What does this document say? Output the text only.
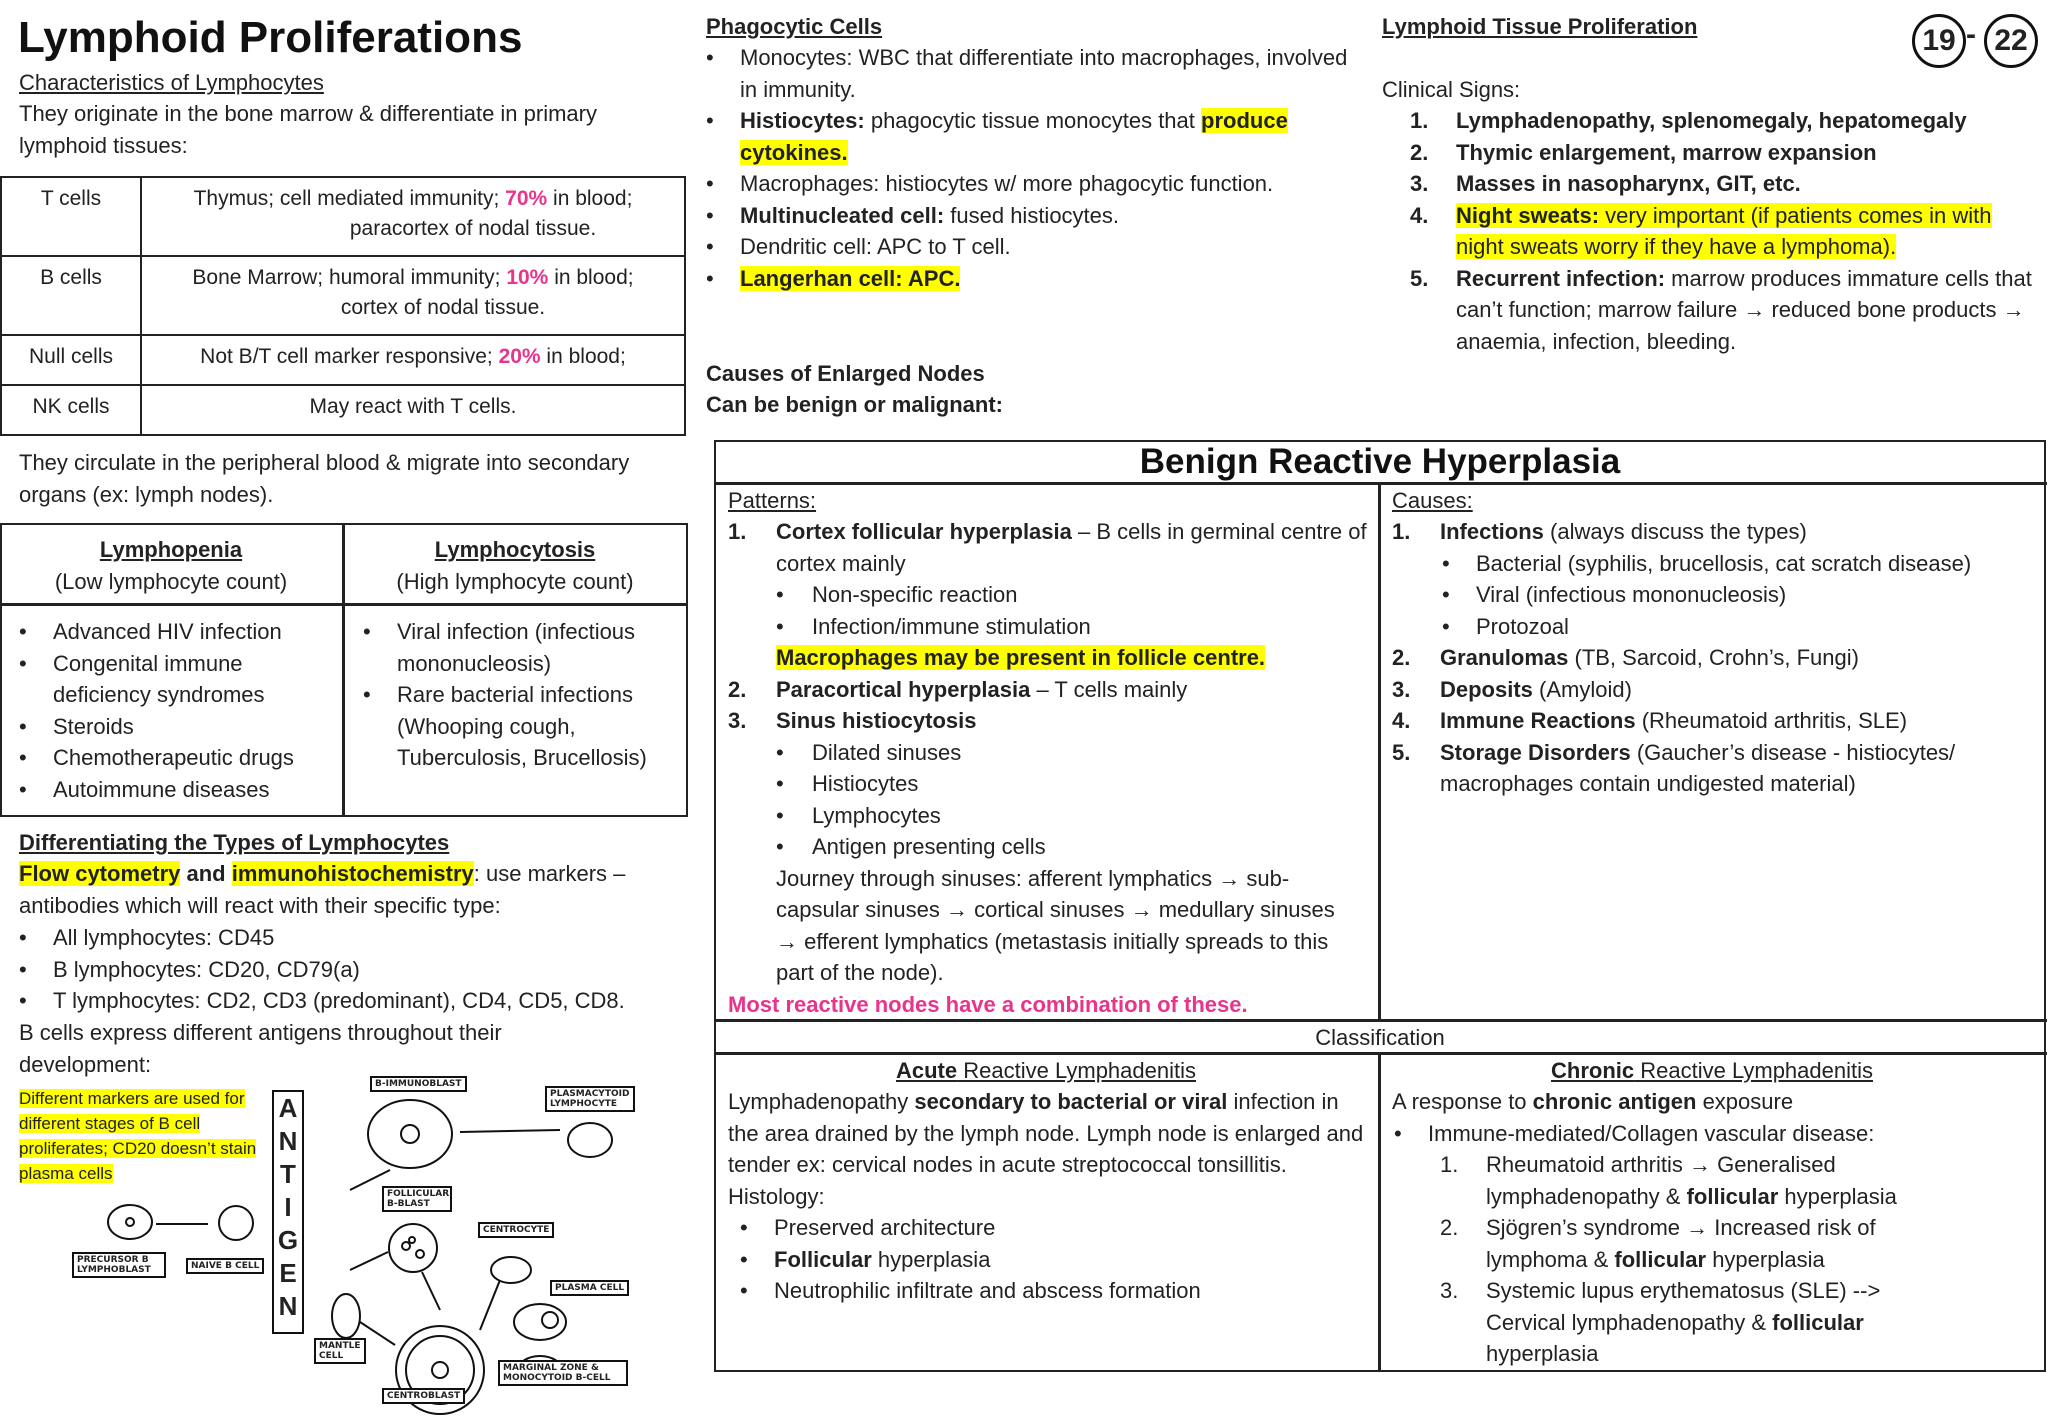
Lymphoid Proliferations
Characteristics of Lymphocytes
They originate in the bone marrow & differentiate in primary lymphoid tissues:
T cells	Thymus; cell mediated immunity; 70% in blood;
paracortex of nodal tissue.
B cells	Bone Marrow; humoral immunity; 10% in blood;
cortex of nodal tissue.
Null cells	Not B/T cell marker responsive; 20% in blood;
NK cells	May react with T cells.
They circulate in the peripheral blood & migrate into secondary organs (ex: lymph nodes).
Lymphopenia
(Low lymphocyte count)
Lymphocytosis
(High lymphocyte count)
• Advanced HIV infection
• Congenital immune deficiency syndromes
• Steroids
• Chemotherapeutic drugs
• Autoimmune diseases
• Viral infection (infectious mononucleosis)
• Rare bacterial infections (Whooping cough, Tuberculosis, Brucellosis)
Differentiating the Types of Lymphocytes
Flow cytometry and immunohistochemistry: use markers – antibodies which will react with their specific type:
• All lymphocytes: CD45
• B lymphocytes: CD20, CD79(a)
• T lymphocytes: CD2, CD3 (predominant), CD4, CD5, CD8.
B cells express different antigens throughout their development:
Different markers are used for different stages of B cell proliferates; CD20 doesn’t stain plasma cells
A
N
T
I
G
E
N
B-IMMUNOBLAST
PLASMACYTOID LYMPHOCYTE
FOLLICULAR B-BLAST
CENTROCYTE
PRECURSOR B LYMPHOBLAST	NAIVE B CELL
PLASMA CELL
MANTLE CELL
MARGINAL ZONE & MONOCYTOID B-CELL
CENTROBLAST
Phagocytic Cells
• Monocytes: WBC that differentiate into macrophages, involved in immunity.
• Histiocytes: phagocytic tissue monocytes that produce cytokines.
• Macrophages: histiocytes w/ more phagocytic function.
• Multinucleated cell: fused histiocytes.
• Dendritic cell: APC to T cell.
• Langerhan cell: APC.
Causes of Enlarged Nodes
Can be benign or malignant:
Lymphoid Tissue Proliferation	19 - 22
Clinical Signs:
1. Lymphadenopathy, splenomegaly, hepatomegaly
2. Thymic enlargement, marrow expansion
3. Masses in nasopharynx, GIT, etc.
4. Night sweats: very important (if patients comes in with night sweats worry if they have a lymphoma).
5. Recurrent infection: marrow produces immature cells that can’t function; marrow failure → reduced bone products → anaemia, infection, bleeding.
Benign Reactive Hyperplasia
Patterns:
1. Cortex follicular hyperplasia – B cells in germinal centre of cortex mainly
• Non-specific reaction
• Infection/immune stimulation
Macrophages may be present in follicle centre.
2. Paracortical hyperplasia – T cells mainly
3. Sinus histiocytosis
• Dilated sinuses
• Histiocytes
• Lymphocytes
• Antigen presenting cells
Journey through sinuses: afferent lymphatics → sub-capsular sinuses → cortical sinuses → medullary sinuses → efferent lymphatics (metastasis initially spreads to this part of the node).
Most reactive nodes have a combination of these.
Causes:
1. Infections (always discuss the types)
• Bacterial (syphilis, brucellosis, cat scratch disease)
• Viral (infectious mononucleosis)
• Protozoal
2. Granulomas (TB, Sarcoid, Crohn’s, Fungi)
3. Deposits (Amyloid)
4. Immune Reactions (Rheumatoid arthritis, SLE)
5. Storage Disorders (Gaucher’s disease - histiocytes/ macrophages contain undigested material)
Classification
Acute Reactive Lymphadenitis
Lymphadenopathy secondary to bacterial or viral infection in the area drained by the lymph node. Lymph node is enlarged and tender ex: cervical nodes in acute streptococcal tonsillitis.
Histology:
• Preserved architecture
• Follicular hyperplasia
• Neutrophilic infiltrate and abscess formation
Chronic Reactive Lymphadenitis
A response to chronic antigen exposure
• Immune-mediated/Collagen vascular disease:
1. Rheumatoid arthritis → Generalised lymphadenopathy & follicular hyperplasia
2. Sjögren’s syndrome → Increased risk of lymphoma & follicular hyperplasia
3. Systemic lupus erythematosus (SLE) --> Cervical lymphadenopathy & follicular hyperplasia
